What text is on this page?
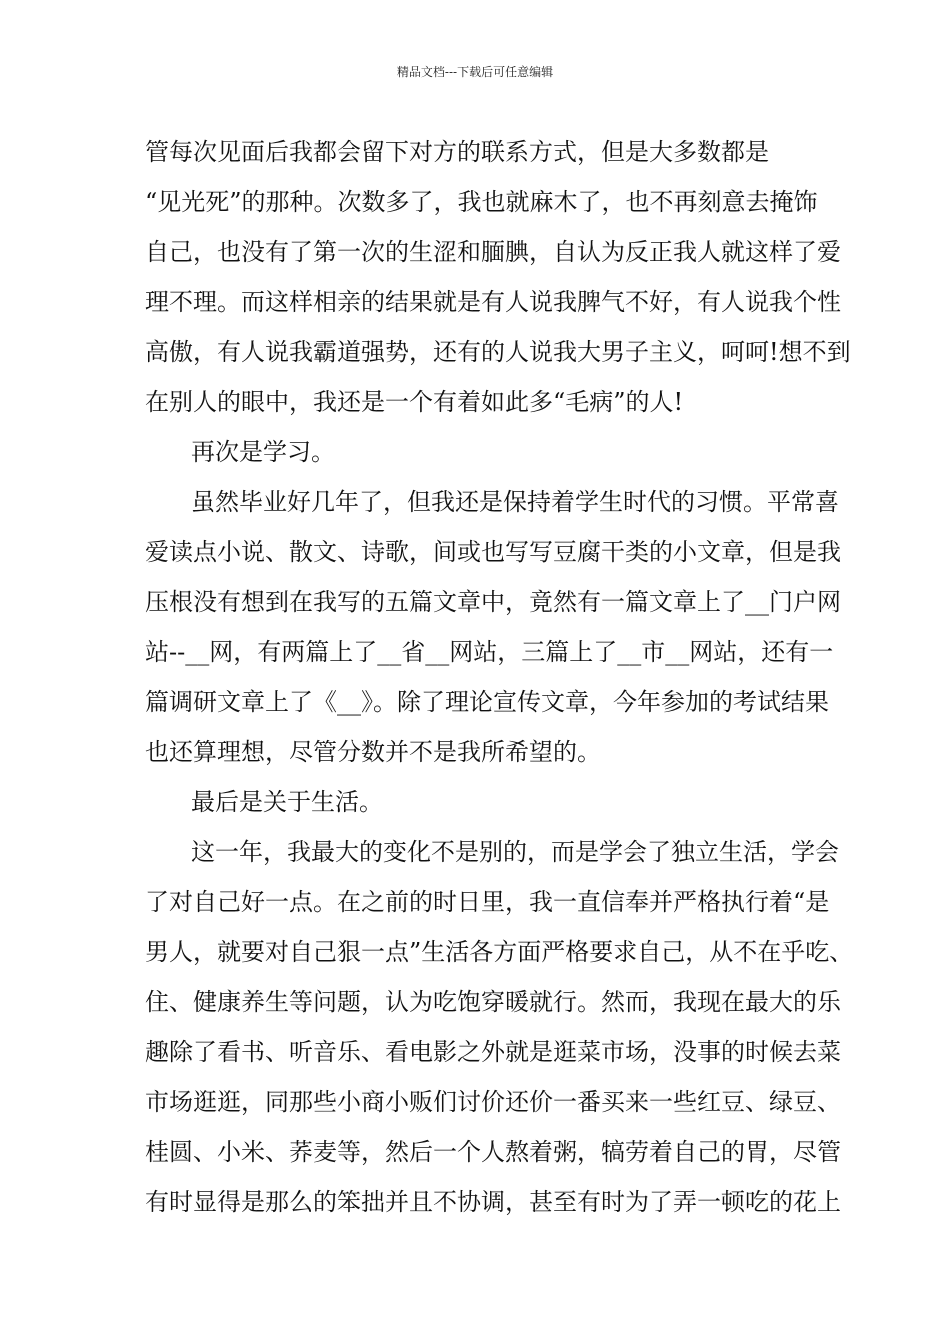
精品文档---下载后可任意编辑
管每次见面后我都会留下对方的联系方式，但是大多数都是
“见光死”的那种。次数多了，我也就麻木了，也不再刻意去掩饰
自己，也没有了第一次的生涩和腼腆，自认为反正我人就这样了爱
理不理。而这样相亲的结果就是有人说我脾气不好，有人说我个性
高傲，有人说我霸道强势，还有的人说我大男子主义，呵呵!想不到
在别人的眼中，我还是一个有着如此多“毛病”的人!
再次是学习。
虽然毕业好几年了，但我还是保持着学生时代的习惯。平常喜
爱读点小说、散文、诗歌，间或也写写豆腐干类的小文章，但是我
压根没有想到在我写的五篇文章中，竟然有一篇文章上了__门户网
站--__网，有两篇上了__省__网站，三篇上了__市__网站，还有一
篇调研文章上了《__》。除了理论宣传文章，今年参加的考试结果
也还算理想，尽管分数并不是我所希望的。
最后是关于生活。
这一年，我最大的变化不是别的，而是学会了独立生活，学会
了对自己好一点。在之前的时日里，我一直信奉并严格执行着“是
男人，就要对自己狠一点”生活各方面严格要求自己，从不在乎吃、
住、健康养生等问题，认为吃饱穿暖就行。然而，我现在最大的乐
趣除了看书、听音乐、看电影之外就是逛菜市场，没事的时候去菜
市场逛逛，同那些小商小贩们讨价还价一番买来一些红豆、绿豆、
桂圆、小米、荞麦等，然后一个人熬着粥，犒劳着自己的胃，尽管
有时显得是那么的笨拙并且不协调，甚至有时为了弄一顿吃的花上
